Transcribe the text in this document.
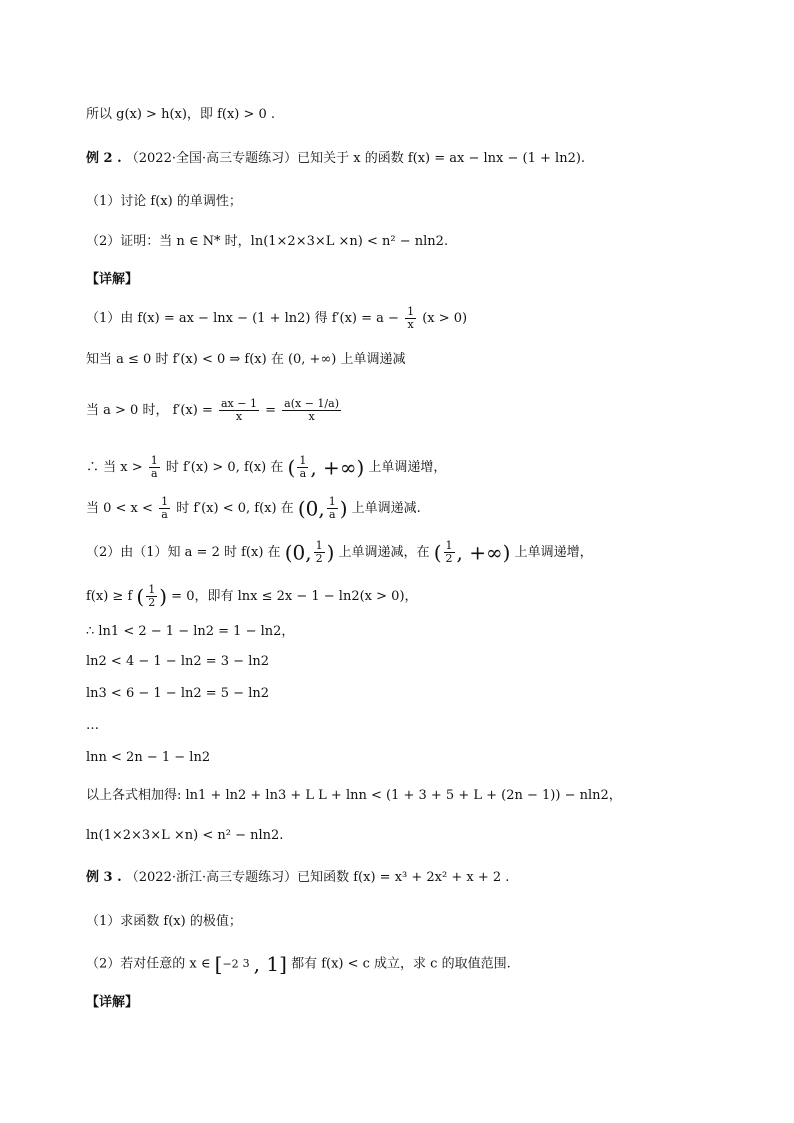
所以 g(x) > h(x)，即 f(x) > 0 .
例 2 . （2022·全国·高三专题练习）已知关于 x 的函数 f(x) = ax − lnx − (1 + ln2).
（1）讨论 f(x) 的单调性；
（2）证明：当 n ∈ N* 时，ln(1×2×3×L ×n) < n² − nln2.
【详解】
（1）由 f(x) = ax − lnx − (1 + ln2) 得 $f'(x) = a - \frac{1}{x} (x > 0)$
知当 a ≤ 0 时 f′(x) < 0 ⇒ f(x) 在 (0, +∞) 上单调递减
当 a > 0 时， $f'(x) = \frac{ax - 1}{x} = \frac{a(x - 1/a)}{x}$
∴ 当 $x > \frac{1}{a}$ 时 f′(x) > 0, f(x) 在 ( $\frac{1}{a}$ , +∞) 上单调递增，
当 $0 < x < \frac{1}{a}$ 时 f′(x) < 0, f(x) 在 (0, $\frac{1}{a}$ ) 上单调递减.
（2）由（1）知 a = 2 时 f(x) 在 (0, $\frac{1}{2}$ ) 上单调递减，在 ( $\frac{1}{2}$ , +∞) 上单调递增，
f(x) ≥ f ( $\frac{1}{2}$ ) = 0，即有 lnx ≤ 2x − 1 − ln2(x > 0)，
∴ ln1 < 2 − 1 − ln2 = 1 − ln2，
ln2 < 4 − 1 − ln2 = 3 − ln2
ln3 < 6 − 1 − ln2 = 5 − ln2
…
lnn < 2n − 1 − ln2
以上各式相加得: ln1 + ln2 + ln3 + L L + lnn < (1 + 3 + 5 + L + (2n − 1)) − nln2，
ln(1×2×3×L ×n) < n² − nln2.
例 3 . （2022·浙江·高三专题练习）已知函数 f(x) = x³ + 2x² + x + 2 .
（1）求函数 f(x) 的极值；
（2）若对任意的 x ∈ [−2 3 , 1] 都有 f(x) < c 成立，求 c 的取值范围.
【详解】
